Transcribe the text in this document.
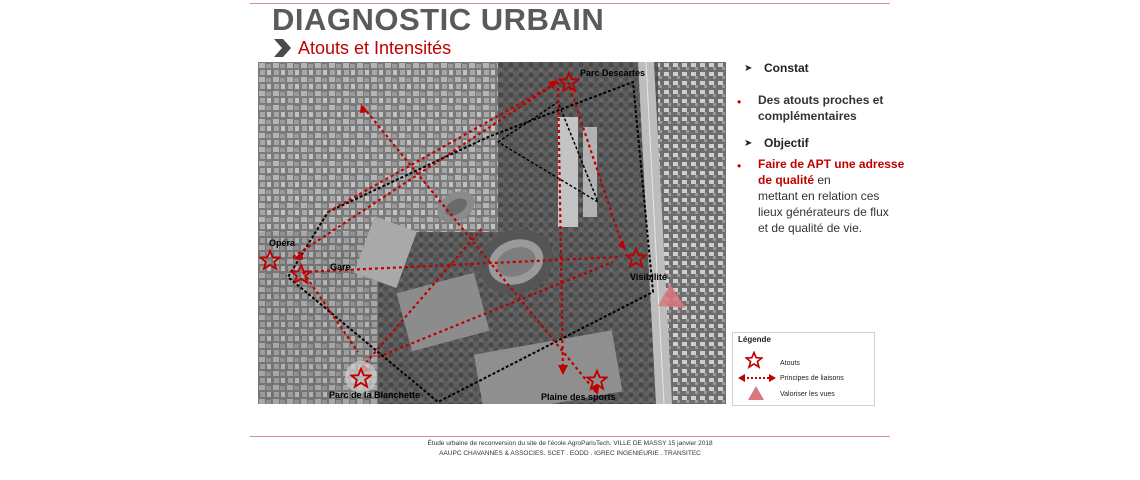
DIAGNOSTIC URBAIN
Atouts et Intensités
Parc Descartes
Opéra
Gare
Visibilité
Parc de la Blanchette	Plaine des sports
➤ Constat
• Des atouts proches et complémentaires
➤ Objectif
• Faire de APT une adresse de qualité en
mettant en relation ces
lieux générateurs de flux
et de qualité de vie.
Légende
Atouts
Principes de liaisons
Valoriser les vues
Étude urbaine de reconversion du site de l'école AgroParisTech. VILLE DE MASSY 15 janvier 2018
AAUPC CHAVANNES & ASSOCIES. SCET . EODD . IGREC INGENIEURIE . TRANSITEC
